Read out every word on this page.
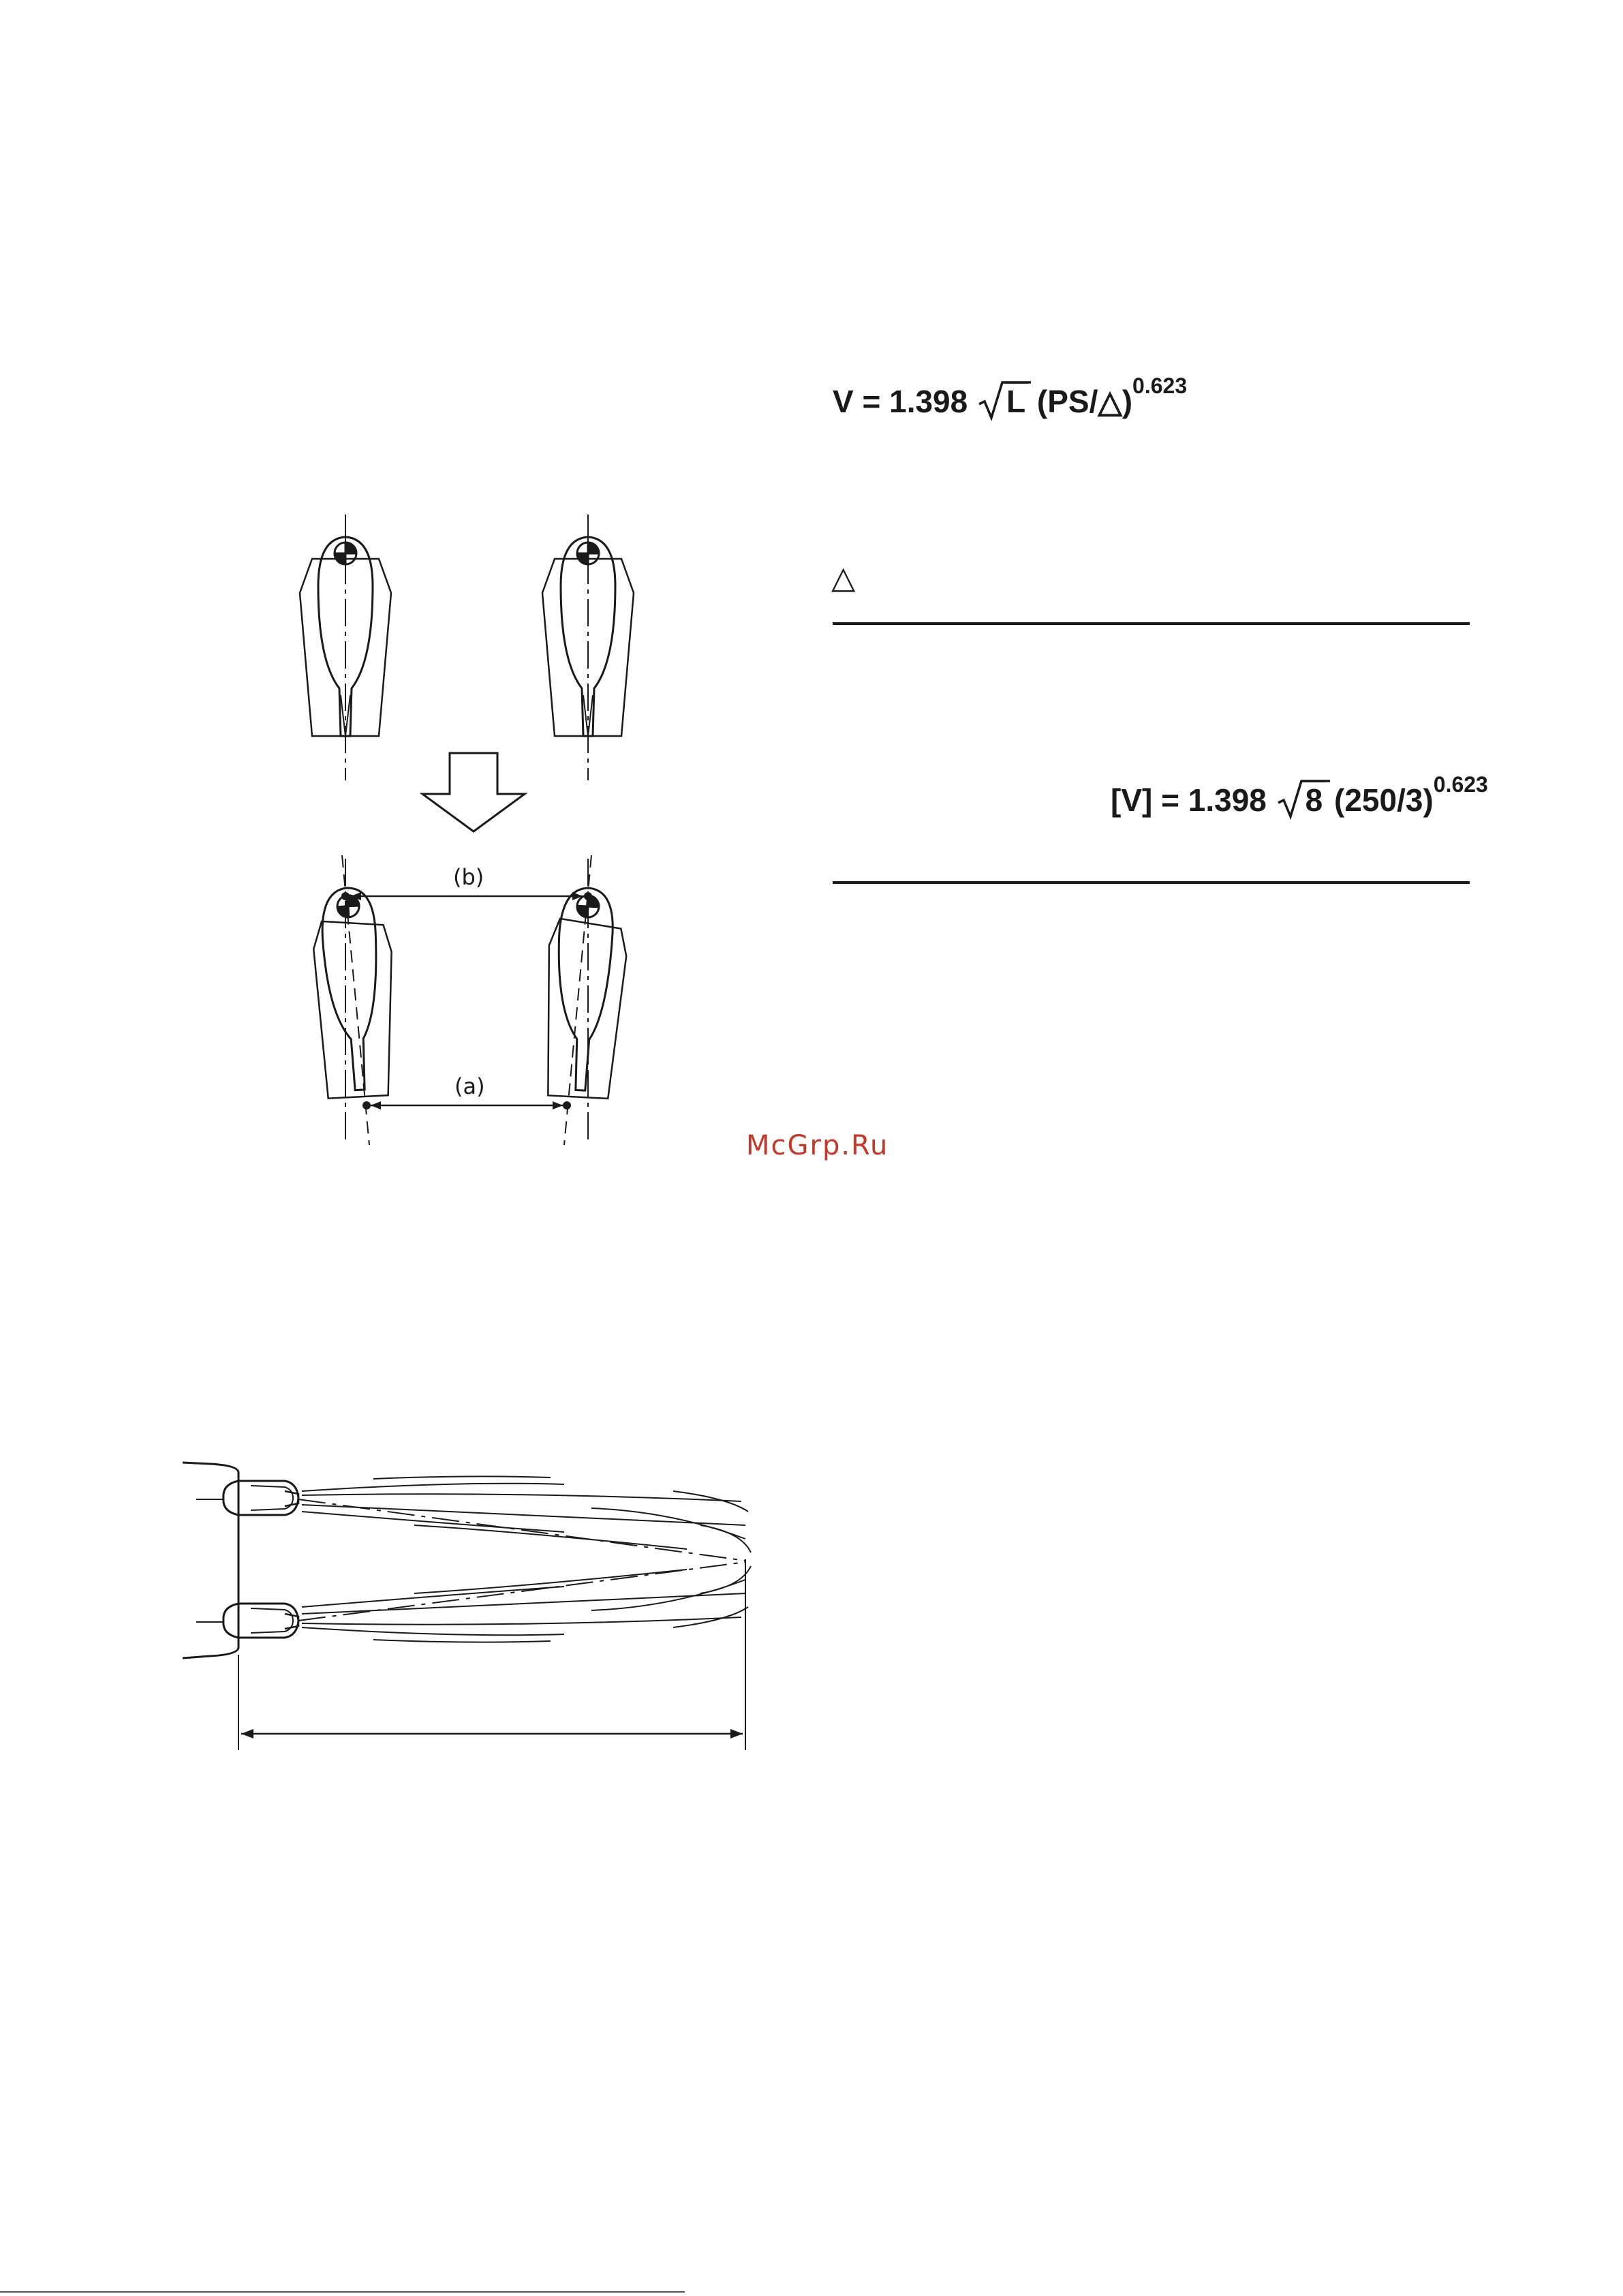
V = 1.398 L (PS/△)$^{0.623}$
△
[V] = 1.398 8 $(250/3)^{0.623}$
(b)
(a)
McGrp.Ru
